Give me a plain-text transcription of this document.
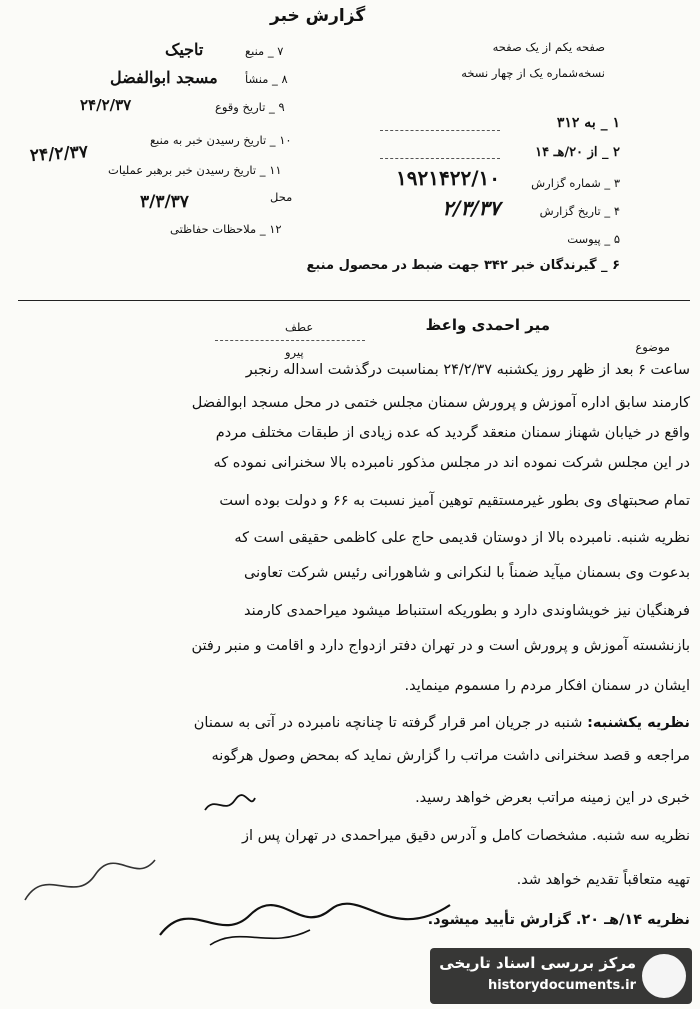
گزارش خبر
صفحه یکم از یک صفحه
نسخه‌شماره یک از چهار نسخه
۱ _ به ۳۱۲
۲ _ از ۲۰/هـ ۱۴
۳ _ شماره گزارش
۱۹۲۱۴۲۲/۱۰
۴ _ تاریخ گزارش
۲/۳/۳۷
۵ _ پیوست
۶ _ گیرندگان خبر ۳۴۲ جهت ضبط در محصول منبع
۷ _ منبع
تاجیک
۸ _ منشأ
مسجد ابوالفضل
۹ _ تاریخ وقوع
۲۴/۲/۳۷
۱۰ _ تاریخ رسیدن خبر به منبع
۲۴/۲/۳۷
۱۱ _ تاریخ رسیدن خبر برهبر عملیات
محل
۳/۳/۳۷
۱۲ _ ملاحظات حفاظتی
میر احمدی واعظ
موضوع
عطف
پیرو
ساعت ۶ بعد از ظهر روز یکشنبه ۲۴/۲/۳۷ بمناسبت درگذشت اسداله رنجبر
کارمند سابق اداره آموزش و پرورش سمنان مجلس ختمی در محل مسجد ابوالفضل
واقع در خیابان شهناز سمنان منعقد گردید که عده زیادی از طبقات مختلف مردم
در این مجلس شرکت نموده اند در مجلس مذکور نامبرده بالا سخنرانی نموده که
تمام صحبتهای وی بطور غیرمستقیم توهین آمیز نسبت به ۶۶ و دولت بوده است
نظریه شنبه. نامبرده بالا از دوستان قدیمی حاج علی کاظمی حقیقی است که
بدعوت وی بسمنان میآید ضمناً با لنکرانی و شاهورانی رئیس شرکت تعاونی
فرهنگیان نیز خویشاوندی دارد و بطوریکه استنباط میشود میراحمدی کارمند
بازنشسته آموزش و پرورش است و در تهران دفتر ازدواج دارد و اقامت و منبر رفتن
ایشان در سمنان افکار مردم را مسموم مینماید.
نظریه یکشنبه: شنبه در جریان امر قرار گرفته تا چنانچه نامبرده در آتی به سمنان
مراجعه و قصد سخنرانی داشت مراتب را گزارش نماید که بمحض وصول هرگونه
خبری در این زمینه مراتب بعرض خواهد رسید.
نظریه سه شنبه. مشخصات کامل و آدرس دقیق میراحمدی در تهران پس از
تهیه متعاقباً تقدیم خواهد شد.
نظریه ۱۴/هـ ۲۰. گزارش تأیید میشود.
مرکز بررسی اسناد تاریخی
historydocuments.ir
